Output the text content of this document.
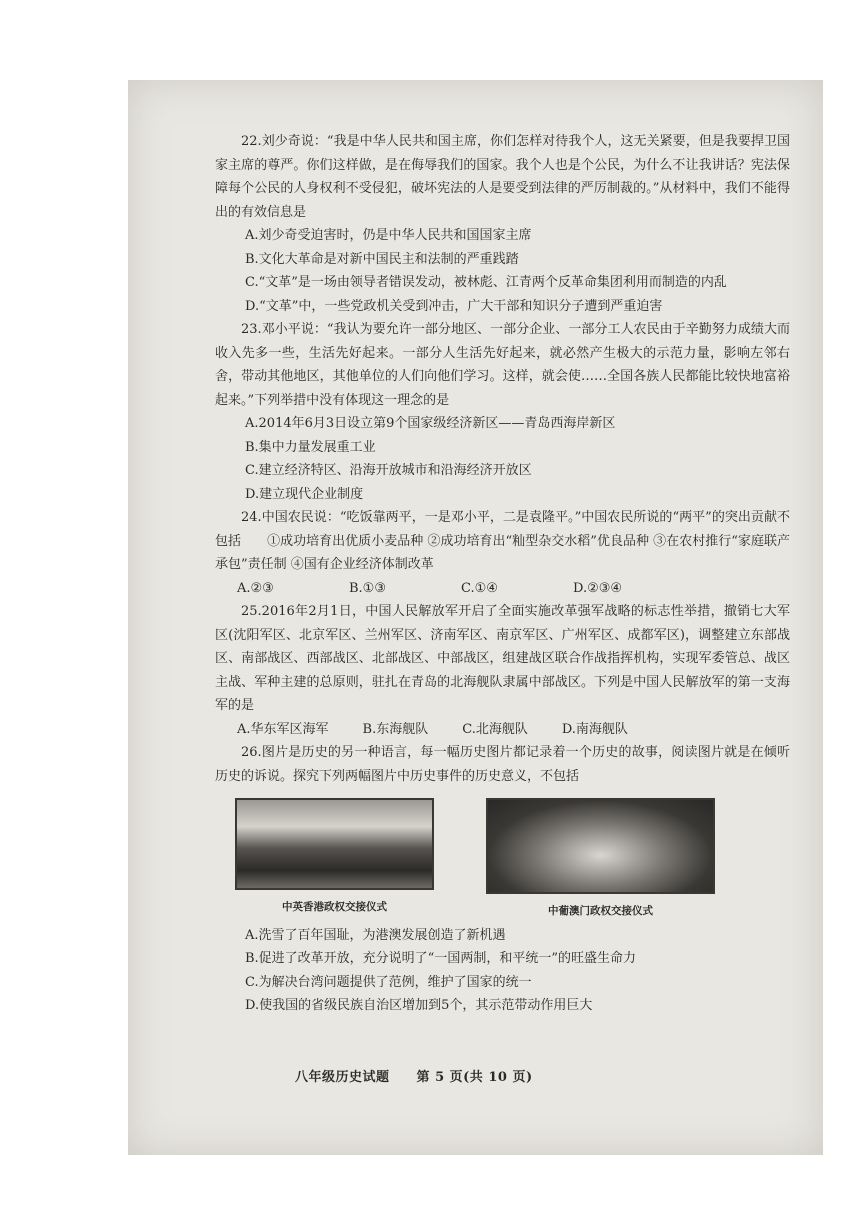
22.刘少奇说：“我是中华人民共和国主席，你们怎样对待我个人，这无关紧要，但是我要捍卫国家主席的尊严。你们这样做，是在侮辱我们的国家。我个人也是个公民，为什么不让我讲话？宪法保障每个公民的人身权利不受侵犯，破坏宪法的人是要受到法律的严厉制裁的。”从材料中，我们不能得出的有效信息是

A.刘少奇受迫害时，仍是中华人民共和国国家主席

B.文化大革命是对新中国民主和法制的严重践踏

C.“文革”是一场由领导者错误发动，被林彪、江青两个反革命集团利用而制造的内乱

D.“文革”中，一些党政机关受到冲击，广大干部和知识分子遭到严重迫害

23.邓小平说：“我认为要允许一部分地区、一部分企业、一部分工人农民由于辛勤努力成绩大而收入先多一些，生活先好起来。一部分人生活先好起来，就必然产生极大的示范力量，影响左邻右舍，带动其他地区，其他单位的人们向他们学习。这样，就会使……全国各族人民都能比较快地富裕起来。”下列举措中没有体现这一理念的是

A.2014年6月3日设立第9个国家级经济新区——青岛西海岸新区

B.集中力量发展重工业

C.建立经济特区、沿海开放城市和沿海经济开放区

D.建立现代企业制度

24.中国农民说：“吃饭靠两平，一是邓小平，二是袁隆平。”中国农民所说的“两平”的突出贡献不包括　　①成功培育出优质小麦品种 ②成功培育出“籼型杂交水稻”优良品种 ③在农村推行“家庭联产承包”责任制 ④国有企业经济体制改革

A.②③	B.①③	C.①④	D.②③④

25.2016年2月1日，中国人民解放军开启了全面实施改革强军战略的标志性举措，撤销七大军区(沈阳军区、北京军区、兰州军区、济南军区、南京军区、广州军区、成都军区)，调整建立东部战区、南部战区、西部战区、北部战区、中部战区，组建战区联合作战指挥机构，实现军委管总、战区主战、军种主建的总原则，驻扎在青岛的北海舰队隶属中部战区。下列是中国人民解放军的第一支海军的是

A.华东军区海军	B.东海舰队	C.北海舰队	D.南海舰队

26.图片是历史的另一种语言，每一幅历史图片都记录着一个历史的故事，阅读图片就是在倾听历史的诉说。探究下列两幅图片中历史事件的历史意义，不包括

中英香港政权交接仪式	中葡澳门政权交接仪式

A.洗雪了百年国耻，为港澳发展创造了新机遇

B.促进了改革开放，充分说明了“一国两制，和平统一”的旺盛生命力

C.为解决台湾问题提供了范例，维护了国家的统一

D.使我国的省级民族自治区增加到5个，其示范带动作用巨大

八年级历史试题 第 5 页(共 10 页)
